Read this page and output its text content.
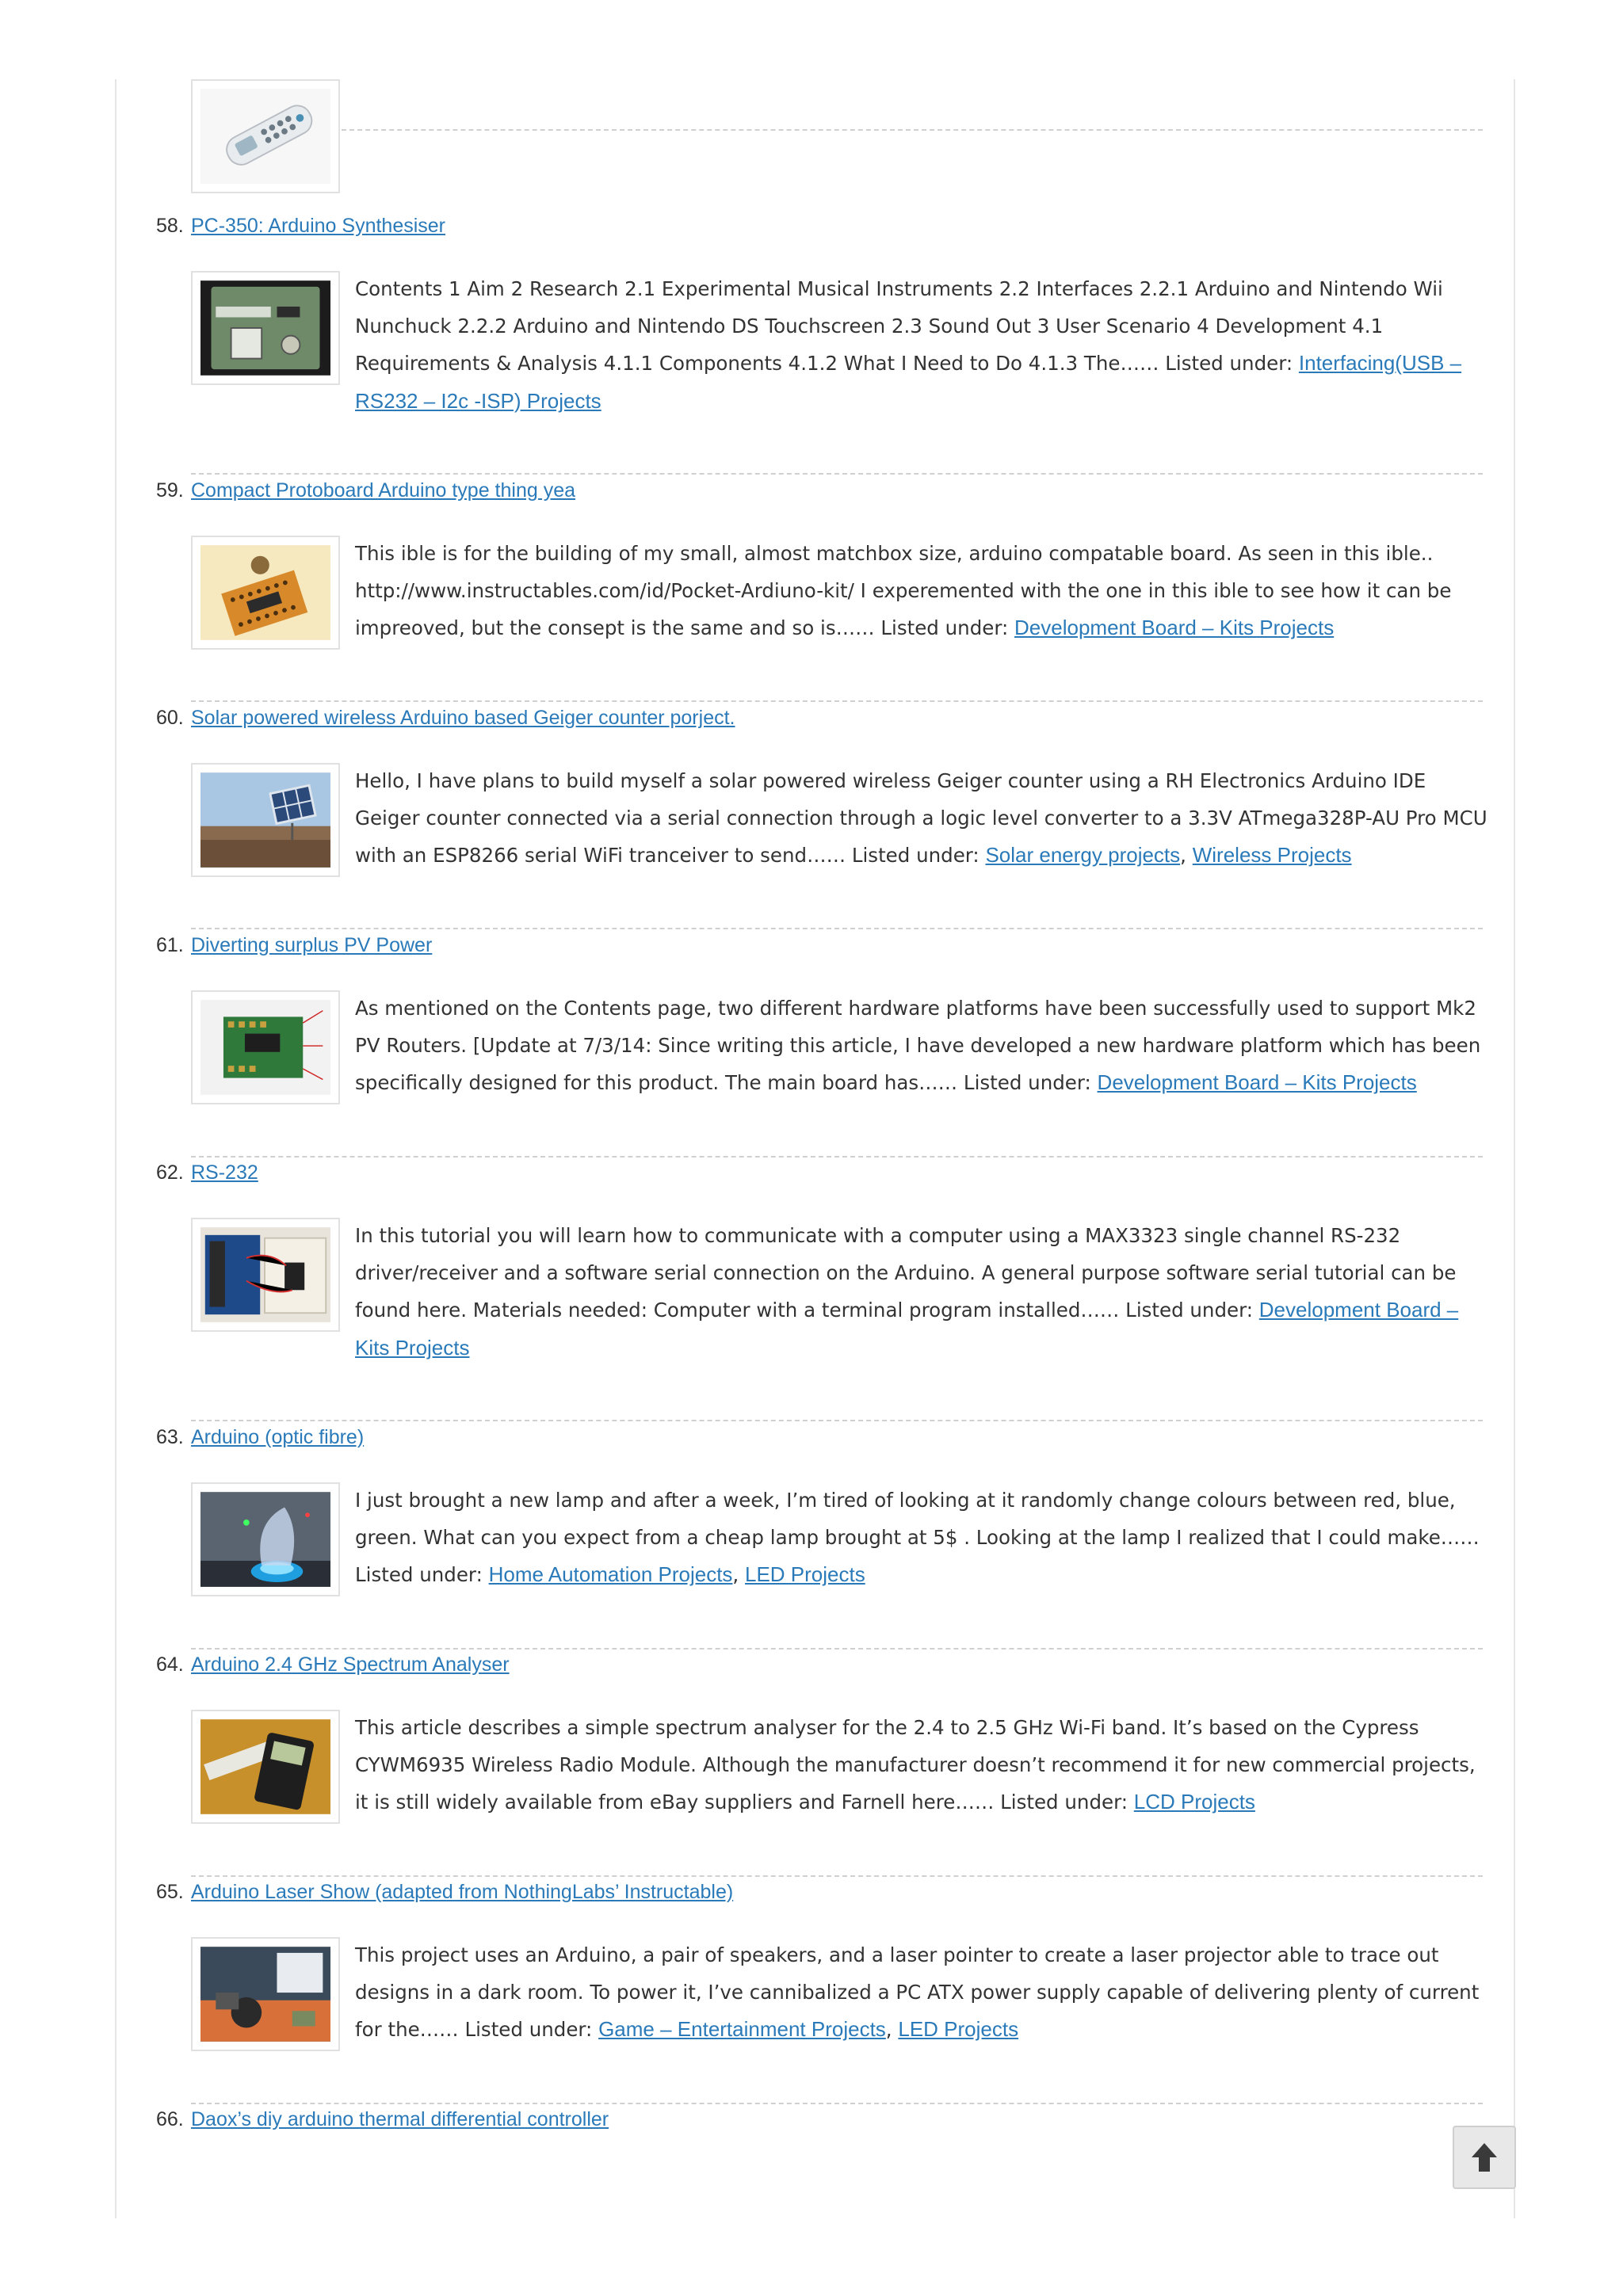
58. PC-350: Arduino Synthesiser
Contents 1 Aim 2 Research 2.1 Experimental Musical Instruments 2.2 Interfaces 2.2.1 Arduino and Nintendo Wii Nunchuck 2.2.2 Arduino and Nintendo DS Touchscreen 2.3 Sound Out 3 User Scenario 4 Development 4.1 Requirements & Analysis 4.1.1 Components 4.1.2 What I Need to Do 4.1.3 The…… Listed under: Interfacing(USB – RS232 – I2c -ISP) Projects
59. Compact Protoboard Arduino type thing yea
This ible is for the building of my small, almost matchbox size, arduino compatable board. As seen in this ible.. http://www.instructables.com/id/Pocket-Ardiuno-kit/ I experemented with the one in this ible to see how it can be impreoved, but the consept is the same and so is…… Listed under: Development Board – Kits Projects
60. Solar powered wireless Arduino based Geiger counter porject.
Hello, I have plans to build myself a solar powered wireless Geiger counter using a RH Electronics Arduino IDE Geiger counter connected via a serial connection through a logic level converter to a 3.3V ATmega328P-AU Pro MCU with an ESP8266 serial WiFi tranceiver to send…… Listed under: Solar energy projects, Wireless Projects
61. Diverting surplus PV Power
As mentioned on the Contents page, two different hardware platforms have been successfully used to support Mk2 PV Routers. [Update at 7/3/14: Since writing this article, I have developed a new hardware platform which has been specifically designed for this product. The main board has…… Listed under: Development Board – Kits Projects
62. RS-232
In this tutorial you will learn how to communicate with a computer using a MAX3323 single channel RS-232 driver/receiver and a software serial connection on the Arduino. A general purpose software serial tutorial can be found here. Materials needed: Computer with a terminal program installed…… Listed under: Development Board – Kits Projects
63. Arduino (optic fibre)
I just brought a new lamp and after a week, I’m tired of looking at it randomly change colours between red, blue, green. What can you expect from a cheap lamp brought at 5$ . Looking at the lamp I realized that I could make…… Listed under: Home Automation Projects, LED Projects
64. Arduino 2.4 GHz Spectrum Analyser
This article describes a simple spectrum analyser for the 2.4 to 2.5 GHz Wi-Fi band. It’s based on the Cypress CYWM6935 Wireless Radio Module. Although the manufacturer doesn’t recommend it for new commercial projects, it is still widely available from eBay suppliers and Farnell here…… Listed under: LCD Projects
65. Arduino Laser Show (adapted from NothingLabs’ Instructable)
This project uses an Arduino, a pair of speakers, and a laser pointer to create a laser projector able to trace out designs in a dark room. To power it, I’ve cannibalized a PC ATX power supply capable of delivering plenty of current for the…… Listed under: Game – Entertainment Projects, LED Projects
66. Daox’s diy arduino thermal differential controller
